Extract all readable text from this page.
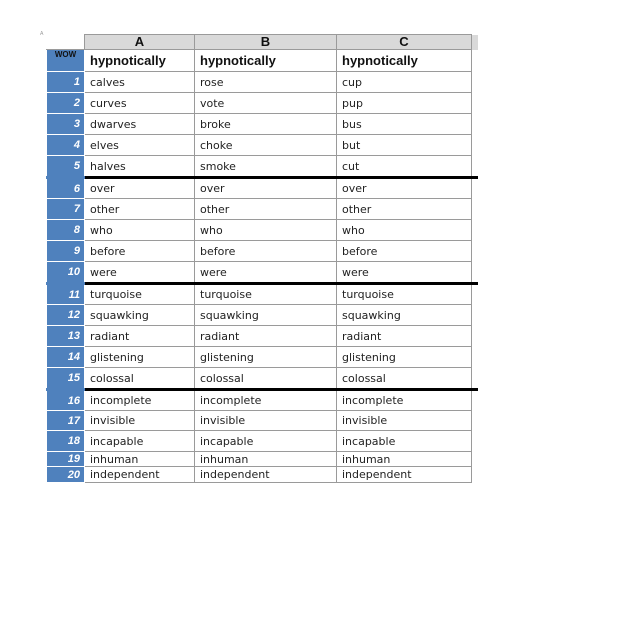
A
		A	B	C	
WOW	hypnotically	hypnotically	hypnotically	
1	calves	rose	cup	
2	curves	vote	pup	
3	dwarves	broke	bus	
4	elves	choke	but	
5	halves	smoke	cut	
6	over	over	over	
7	other	other	other	
8	who	who	who	
9	before	before	before	
10	were	were	were	
11	turquoise	turquoise	turquoise	
12	squawking	squawking	squawking	
13	radiant	radiant	radiant	
14	glistening	glistening	glistening	
15	colossal	colossal	colossal	
16	incomplete	incomplete	incomplete	
17	invisible	invisible	invisible	
18	incapable	incapable	incapable	
19	inhuman	inhuman	inhuman	
20	independent	independent	independent	
